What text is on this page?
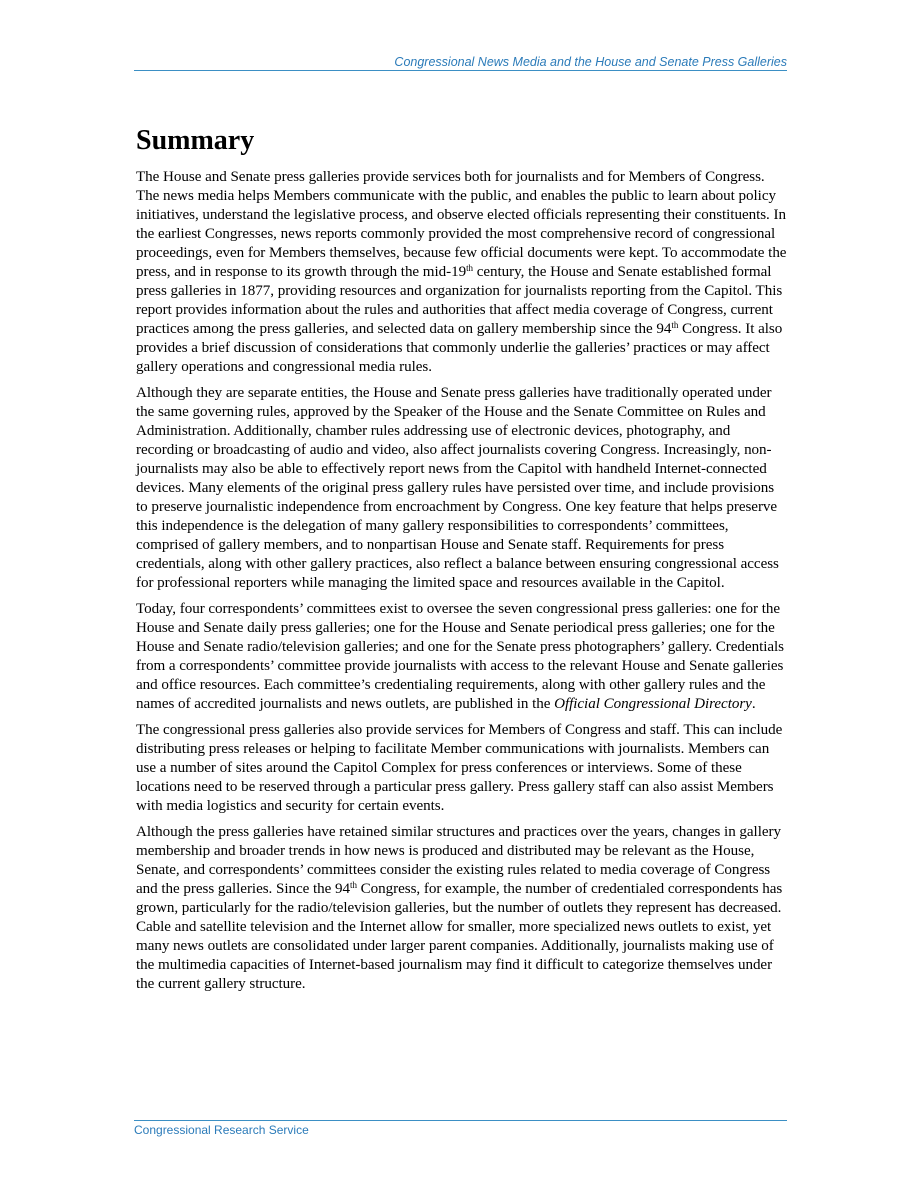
Congressional News Media and the House and Senate Press Galleries
Summary

The House and Senate press galleries provide services both for journalists and for Members of Congress. The news media helps Members communicate with the public, and enables the public to learn about policy initiatives, understand the legislative process, and observe elected officials representing their constituents. In the earliest Congresses, news reports commonly provided the most comprehensive record of congressional proceedings, even for Members themselves, because few official documents were kept. To accommodate the press, and in response to its growth through the mid-19th century, the House and Senate established formal press galleries in 1877, providing resources and organization for journalists reporting from the Capitol. This report provides information about the rules and authorities that affect media coverage of Congress, current practices among the press galleries, and selected data on gallery membership since the 94th Congress. It also provides a brief discussion of considerations that commonly underlie the galleries’ practices or may affect gallery operations and congressional media rules.

Although they are separate entities, the House and Senate press galleries have traditionally operated under the same governing rules, approved by the Speaker of the House and the Senate Committee on Rules and Administration. Additionally, chamber rules addressing use of electronic devices, photography, and recording or broadcasting of audio and video, also affect journalists covering Congress. Increasingly, non-journalists may also be able to effectively report news from the Capitol with handheld Internet-connected devices. Many elements of the original press gallery rules have persisted over time, and include provisions to preserve journalistic independence from encroachment by Congress. One key feature that helps preserve this independence is the delegation of many gallery responsibilities to correspondents’ committees, comprised of gallery members, and to nonpartisan House and Senate staff. Requirements for press credentials, along with other gallery practices, also reflect a balance between ensuring congressional access for professional reporters while managing the limited space and resources available in the Capitol.

Today, four correspondents’ committees exist to oversee the seven congressional press galleries: one for the House and Senate daily press galleries; one for the House and Senate periodical press galleries; one for the House and Senate radio/television galleries; and one for the Senate press photographers’ gallery. Credentials from a correspondents’ committee provide journalists with access to the relevant House and Senate galleries and office resources. Each committee’s credentialing requirements, along with other gallery rules and the names of accredited journalists and news outlets, are published in the Official Congressional Directory.

The congressional press galleries also provide services for Members of Congress and staff. This can include distributing press releases or helping to facilitate Member communications with journalists. Members can use a number of sites around the Capitol Complex for press conferences or interviews. Some of these locations need to be reserved through a particular press gallery. Press gallery staff can also assist Members with media logistics and security for certain events.

Although the press galleries have retained similar structures and practices over the years, changes in gallery membership and broader trends in how news is produced and distributed may be relevant as the House, Senate, and correspondents’ committees consider the existing rules related to media coverage of Congress and the press galleries. Since the 94th Congress, for example, the number of credentialed correspondents has grown, particularly for the radio/television galleries, but the number of outlets they represent has decreased. Cable and satellite television and the Internet allow for smaller, more specialized news outlets to exist, yet many news outlets are consolidated under larger parent companies. Additionally, journalists making use of the multimedia capacities of Internet-based journalism may find it difficult to categorize themselves under the current gallery structure.

Congressional Research Service
